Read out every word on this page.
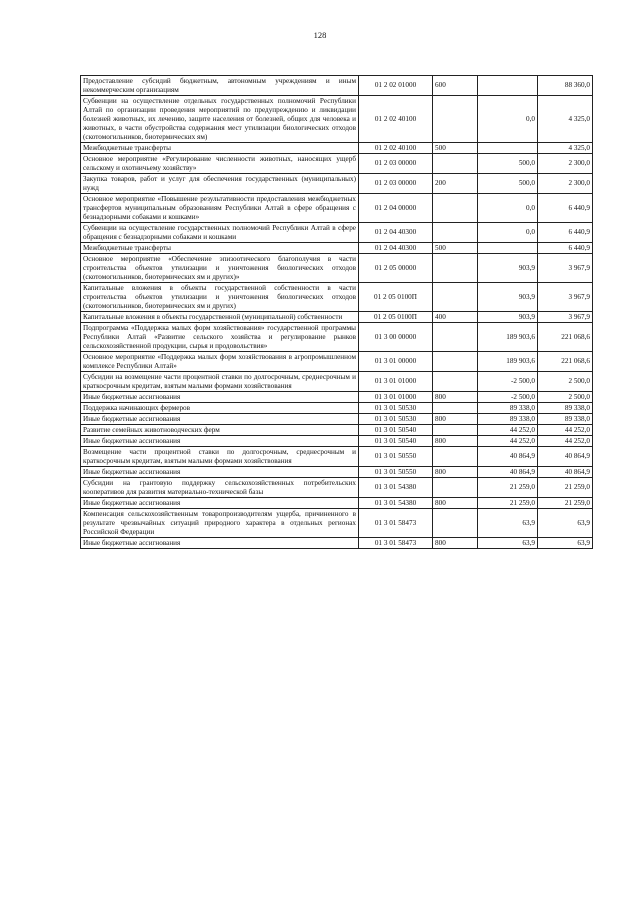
128
Предоставление субсидий бюджетным, автономным учреждениям и иным некоммерческим организациям	01 2 02 01000	600		88 360,0
Субвенции на осуществление отдельных государственных полномочий Республики Алтай по организации проведения мероприятий по предупреждению и ликвидации болезней животных, их лечению, защите населения от болезней, общих для человека и животных, в части обустройства содержания мест утилизации биологических отходов (скотомогильников, биотермических ям)	01 2 02 40100		0,0	4 325,0
Межбюджетные трансферты	01 2 02 40100	500		4 325,0
Основное мероприятие «Регулирование численности животных, наносящих ущерб сельскому и охотничьему хозяйству»	01 2 03 00000		500,0	2 300,0
Закупка товаров, работ и услуг для обеспечения государственных (муниципальных) нужд	01 2 03 00000	200	500,0	2 300,0
Основное мероприятие «Повышение результативности предоставления межбюджетных трансфертов муниципальным образованиям Республики Алтай в сфере обращения с безнадзорными собаками и кошками»	01 2 04 00000		0,0	6 440,9
Субвенции на осуществление государственных полномочий Республики Алтай в сфере обращения с безнадзорными собаками и кошками	01 2 04 40300		0,0	6 440,9
Межбюджетные трансферты	01 2 04 40300	500		6 440,9
Основное мероприятие «Обеспечение эпизоотического благополучия в части строительства объектов утилизации и уничтожения биологических отходов (скотомогильников, биотермических ям и других)»	01 2 05 00000		903,9	3 967,9
Капитальные вложения в объекты государственной собственности в части строительства объектов утилизации и уничтожения биологических отходов (скотомогильников, биотермических ям и других)	01 2 05 0100П		903,9	3 967,9
Капитальные вложения в объекты государственной (муниципальной) собственности	01 2 05 0100П	400	903,9	3 967,9
Подпрограмма «Поддержка малых форм хозяйствования» государственной программы Республики Алтай «Развитие сельского хозяйства и регулирование рынков сельскохозяйственной продукции, сырья и продовольствия»	01 3 00 00000		189 903,6	221 068,6
Основное мероприятие «Поддержка малых форм хозяйствования в агропромышленном комплексе Республики Алтай»	01 3 01 00000		189 903,6	221 068,6
Субсидии на возмещение части процентной ставки по долгосрочным, среднесрочным и краткосрочным кредитам, взятым малыми формами хозяйствования	01 3 01 01000		-2 500,0	2 500,0
Иные бюджетные ассигнования	01 3 01 01000	800	-2 500,0	2 500,0
Поддержка начинающих фермеров	01 3 01 50530		89 338,0	89 338,0
Иные бюджетные ассигнования	01 3 01 50530	800	89 338,0	89 338,0
Развитие семейных животноводческих ферм	01 3 01 50540		44 252,0	44 252,0
Иные бюджетные ассигнования	01 3 01 50540	800	44 252,0	44 252,0
Возмещение части процентной ставки по долгосрочным, среднесрочным и краткосрочным кредитам, взятым малыми формами хозяйствования	01 3 01 50550		40 864,9	40 864,9
Иные бюджетные ассигнования	01 3 01 50550	800	40 864,9	40 864,9
Субсидии на грантовую поддержку сельскохозяйственных потребительских кооперативов для развития материально-технической базы	01 3 01 54380		21 259,0	21 259,0
Иные бюджетные ассигнования	01 3 01 54380	800	21 259,0	21 259,0
Компенсация сельскохозяйственным товаропроизводителям ущерба, причиненного в результате чрезвычайных ситуаций природного характера в отдельных регионах Российской Федерации	01 3 01 58473		63,9	63,9
Иные бюджетные ассигнования	01 3 01 58473	800	63,9	63,9
